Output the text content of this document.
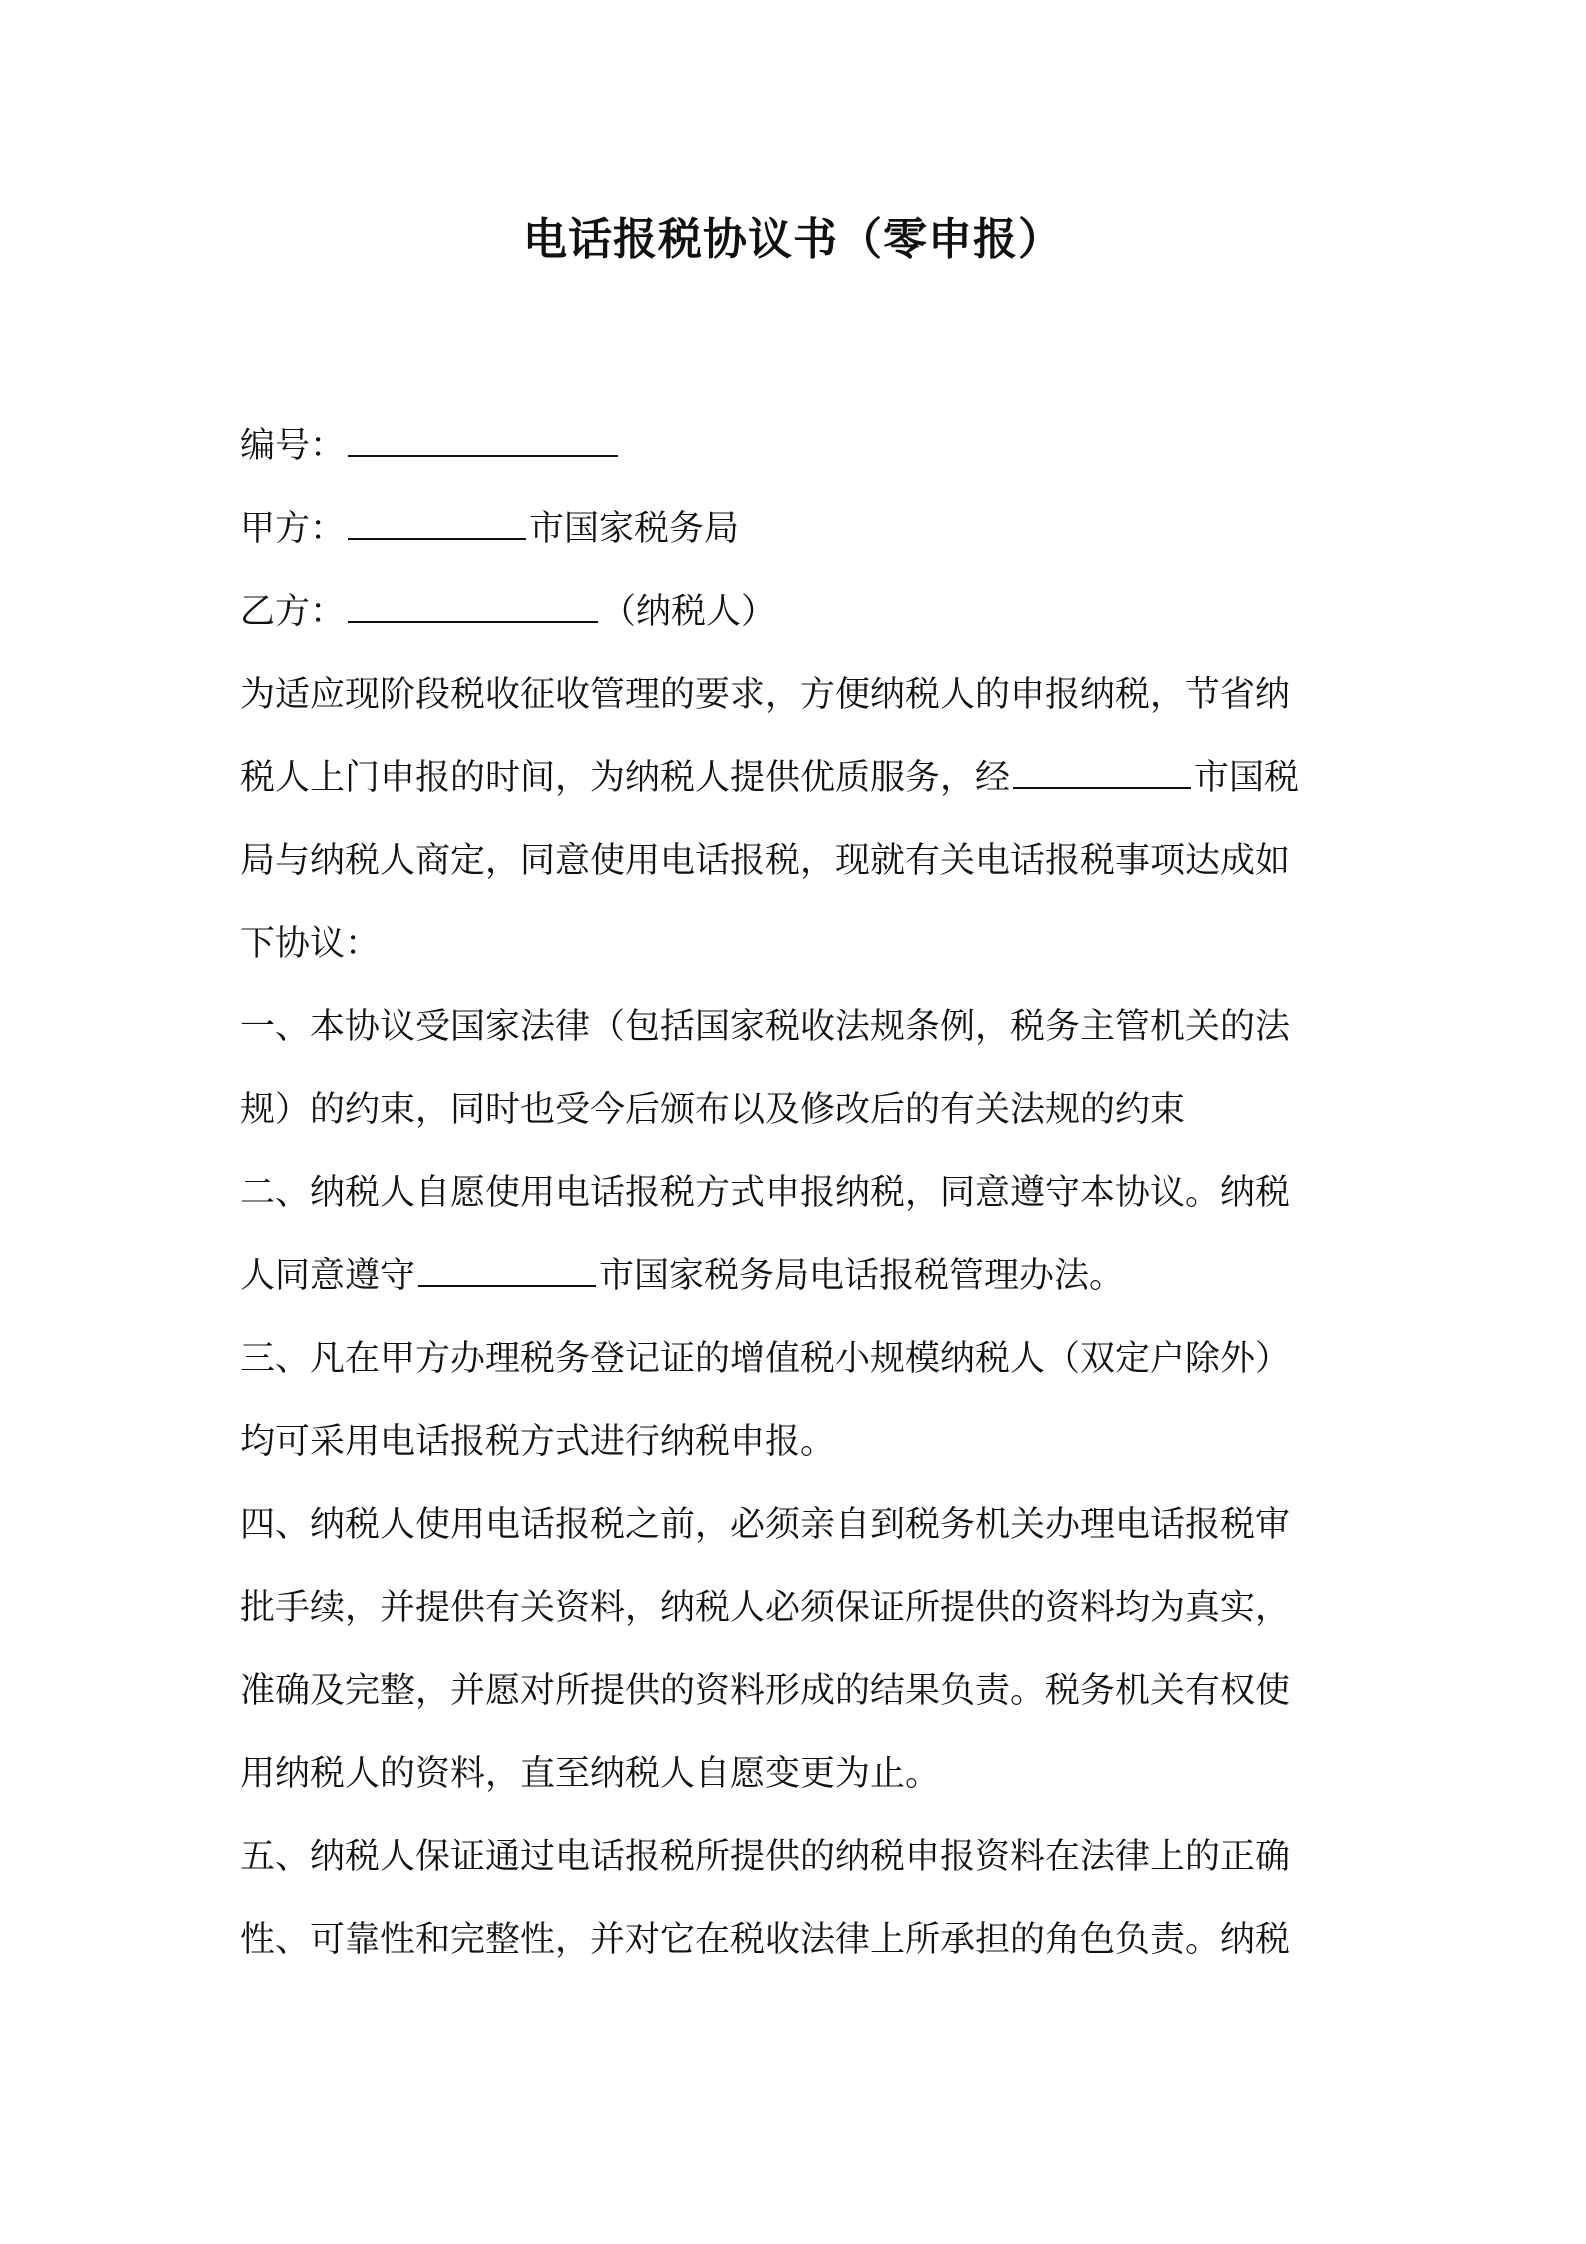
电话报税协议书（零申报）

编号：

甲方：	市国家税务局

乙方：	（纳税人）

为适应现阶段税收征收管理的要求，方便纳税人的申报纳税，节省纳

税人上门申报的时间，为纳税人提供优质服务，经	市国税

局与纳税人商定，同意使用电话报税，现就有关电话报税事项达成如

下协议：

一、本协议受国家法律（包括国家税收法规条例，税务主管机关的法

规）的约束，同时也受今后颁布以及修改后的有关法规的约束

二、纳税人自愿使用电话报税方式申报纳税，同意遵守本协议。纳税

人同意遵守	市国家税务局电话报税管理办法。

三、凡在甲方办理税务登记证的增值税小规模纳税人（双定户除外）

均可采用电话报税方式进行纳税申报。

四、纳税人使用电话报税之前，必须亲自到税务机关办理电话报税审

批手续，并提供有关资料，纳税人必须保证所提供的资料均为真实，

准确及完整，并愿对所提供的资料形成的结果负责。税务机关有权使

用纳税人的资料，直至纳税人自愿变更为止。

五、纳税人保证通过电话报税所提供的纳税申报资料在法律上的正确

性、可靠性和完整性，并对它在税收法律上所承担的角色负责。纳税
